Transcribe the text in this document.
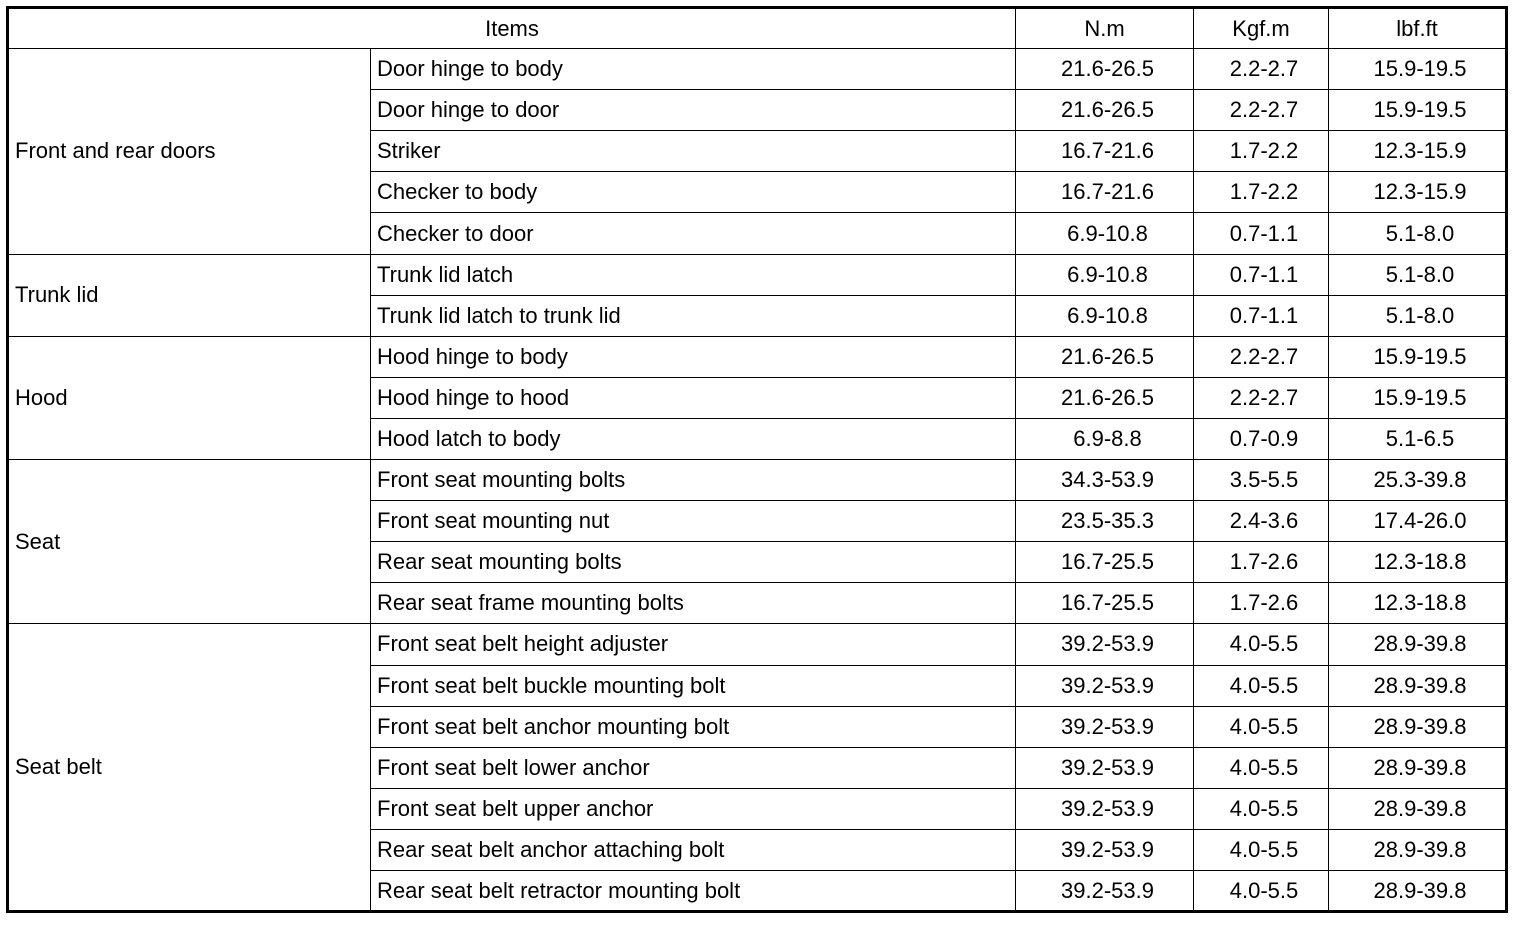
Items		N.m	Kgf.m	lbf.ft
Front and rear doors	Door hinge to body	21.6-26.5	2.2-2.7	15.9-19.5
	Door hinge to door	21.6-26.5	2.2-2.7	15.9-19.5
	Striker	16.7-21.6	1.7-2.2	12.3-15.9
	Checker to body	16.7-21.6	1.7-2.2	12.3-15.9
	Checker to door	6.9-10.8	0.7-1.1	5.1-8.0
Trunk lid	Trunk lid latch	6.9-10.8	0.7-1.1	5.1-8.0
	Trunk lid latch to trunk lid	6.9-10.8	0.7-1.1	5.1-8.0
Hood	Hood hinge to body	21.6-26.5	2.2-2.7	15.9-19.5
	Hood hinge to hood	21.6-26.5	2.2-2.7	15.9-19.5
	Hood latch to body	6.9-8.8	0.7-0.9	5.1-6.5
Seat	Front seat mounting bolts	34.3-53.9	3.5-5.5	25.3-39.8
	Front seat mounting nut	23.5-35.3	2.4-3.6	17.4-26.0
	Rear seat mounting bolts	16.7-25.5	1.7-2.6	12.3-18.8
	Rear seat frame mounting bolts	16.7-25.5	1.7-2.6	12.3-18.8
Seat belt	Front seat belt height adjuster	39.2-53.9	4.0-5.5	28.9-39.8
	Front seat belt buckle mounting bolt	39.2-53.9	4.0-5.5	28.9-39.8
	Front seat belt anchor mounting bolt	39.2-53.9	4.0-5.5	28.9-39.8
	Front seat belt lower anchor	39.2-53.9	4.0-5.5	28.9-39.8
	Front seat belt upper anchor	39.2-53.9	4.0-5.5	28.9-39.8
	Rear seat belt anchor attaching bolt	39.2-53.9	4.0-5.5	28.9-39.8
	Rear seat belt retractor mounting bolt	39.2-53.9	4.0-5.5	28.9-39.8
